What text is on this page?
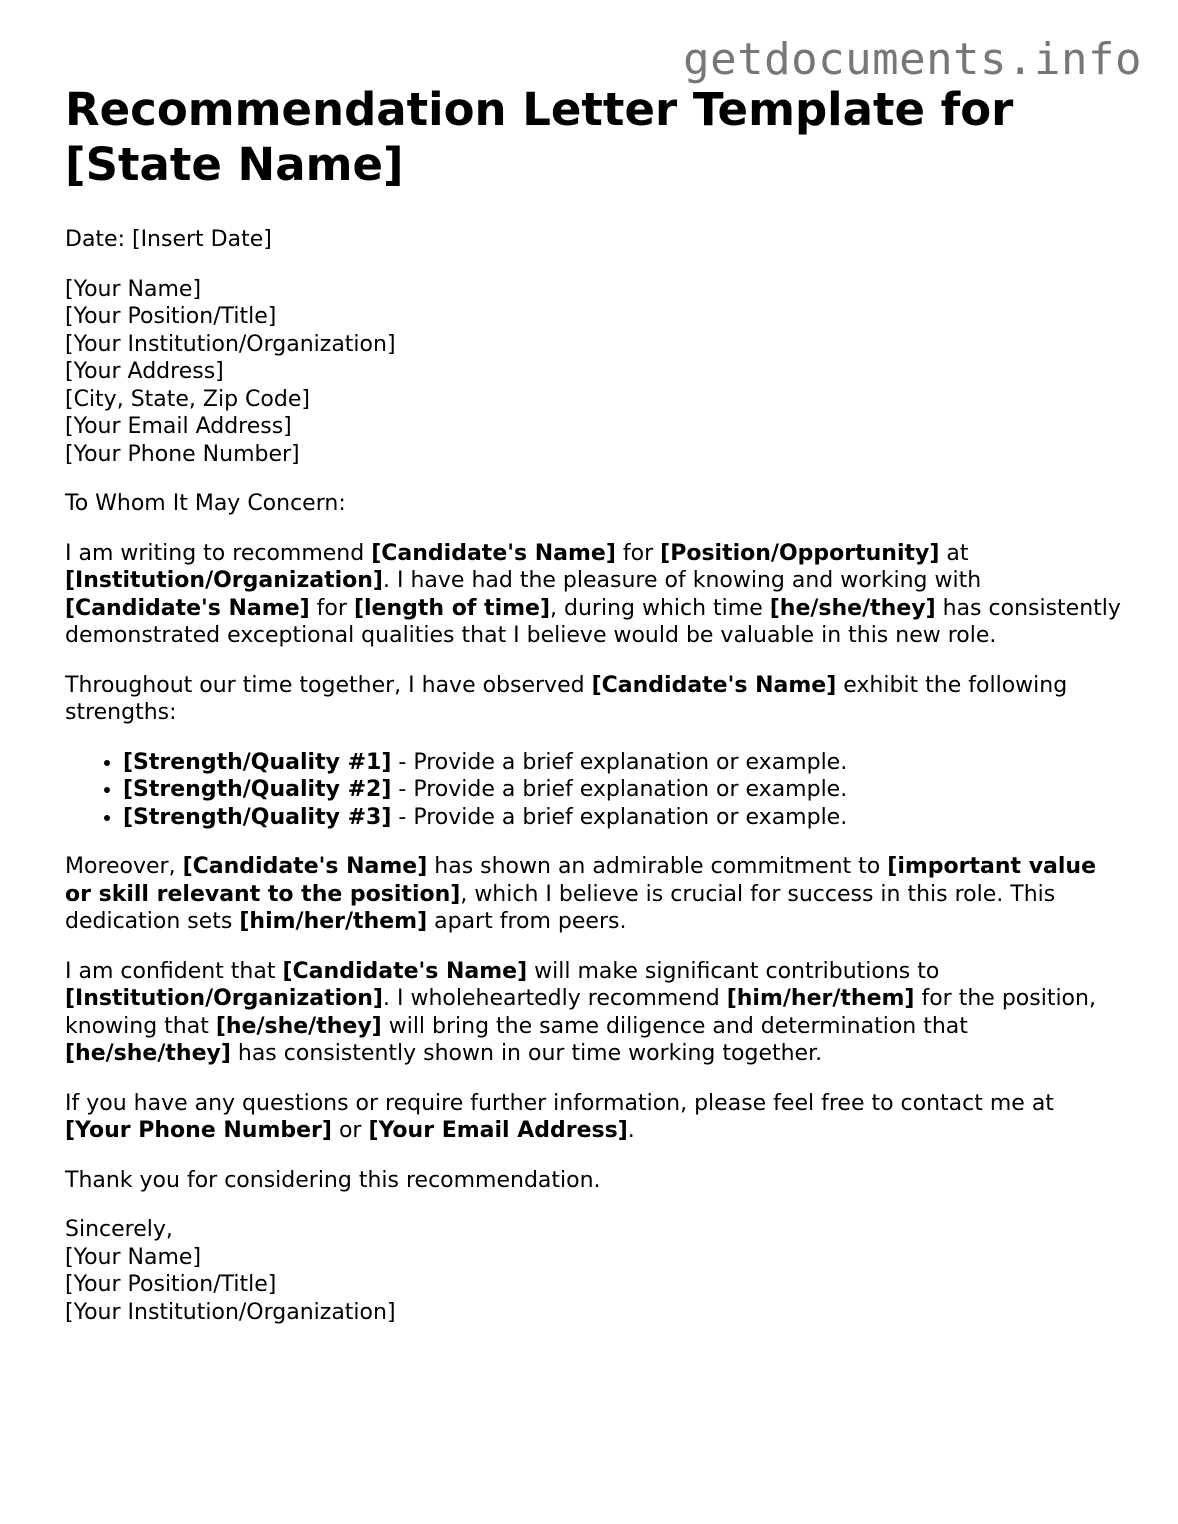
getdocuments.info
Recommendation Letter Template for [State Name]

Date: [Insert Date]

[Your Name]
[Your Position/Title]
[Your Institution/Organization]
[Your Address]
[City, State, Zip Code]
[Your Email Address]
[Your Phone Number]

To Whom It May Concern:

I am writing to recommend [Candidate's Name] for [Position/Opportunity] at [Institution/Organization]. I have had the pleasure of knowing and working with [Candidate's Name] for [length of time], during which time [he/she/they] has consistently demonstrated exceptional qualities that I believe would be valuable in this new role.

Throughout our time together, I have observed [Candidate's Name] exhibit the following strengths:

• [Strength/Quality #1] - Provide a brief explanation or example.
• [Strength/Quality #2] - Provide a brief explanation or example.
• [Strength/Quality #3] - Provide a brief explanation or example.

Moreover, [Candidate's Name] has shown an admirable commitment to [important value or skill relevant to the position], which I believe is crucial for success in this role. This dedication sets [him/her/them] apart from peers.

I am confident that [Candidate's Name] will make significant contributions to [Institution/Organization]. I wholeheartedly recommend [him/her/them] for the position, knowing that [he/she/they] will bring the same diligence and determination that [he/she/they] has consistently shown in our time working together.

If you have any questions or require further information, please feel free to contact me at [Your Phone Number] or [Your Email Address].

Thank you for considering this recommendation.

Sincerely,
[Your Name]
[Your Position/Title]
[Your Institution/Organization]
